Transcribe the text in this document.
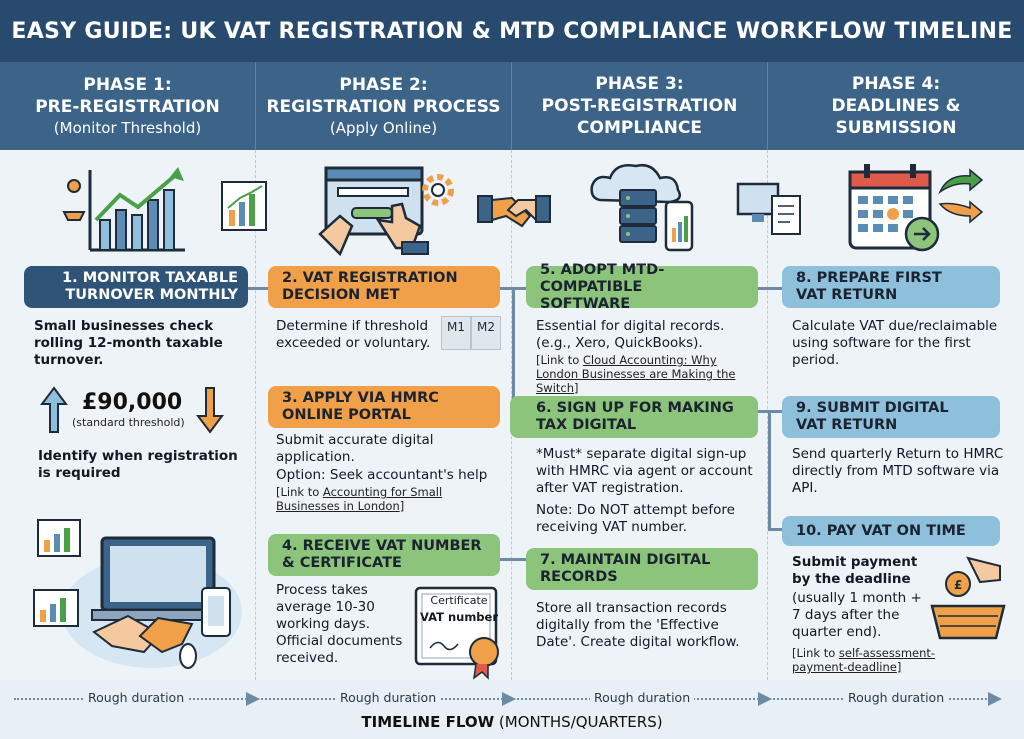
EASY GUIDE: UK VAT REGISTRATION & MTD COMPLIANCE WORKFLOW TIMELINE
PHASE 1:
PRE-REGISTRATION
(Monitor Threshold)
PHASE 2:
REGISTRATION PROCESS
(Apply Online)
PHASE 3:
POST-REGISTRATION
COMPLIANCE
PHASE 4:
DEADLINES &
SUBMISSION
1. MONITOR TAXABLE
TURNOVER MONTHLY
Small businesses check rolling 12-month taxable turnover.
£90,000
(standard threshold)
Identify when registration is required
2. VAT REGISTRATION
DECISION MET
Determine if threshold exceeded or voluntary.
M1	M2
3. APPLY VIA HMRC
ONLINE PORTAL
Submit accurate digital application.
Option: Seek accountant's help
[Link to Accounting for Small Businesses in London]
4. RECEIVE VAT NUMBER
& CERTIFICATE
Process takes average 10-30 working days. Official documents received.
Certificate
VAT number
5. ADOPT MTD-COMPATIBLE
SOFTWARE
Essential for digital records. (e.g., Xero, QuickBooks).
[Link to Cloud Accounting: Why London Businesses are Making the Switch]
6. SIGN UP FOR MAKING
TAX DIGITAL
*Must* separate digital sign-up with HMRC via agent or account after VAT registration.
Note: Do NOT attempt before receiving VAT number.
7. MAINTAIN DIGITAL
RECORDS
Store all transaction records digitally from the 'Effective Date'. Create digital workflow.
8. PREPARE FIRST
VAT RETURN
Calculate VAT due/reclaimable using software for the first period.
9. SUBMIT DIGITAL
VAT RETURN
Send quarterly Return to HMRC directly from MTD software via API.
10. PAY VAT ON TIME
Submit payment by the deadline
(usually 1 month + 7 days after the quarter end).
[Link to self-assessment-payment-deadline]
£
Rough duration	Rough duration	Rough duration	Rough duration
TIMELINE FLOW (MONTHS/QUARTERS)
